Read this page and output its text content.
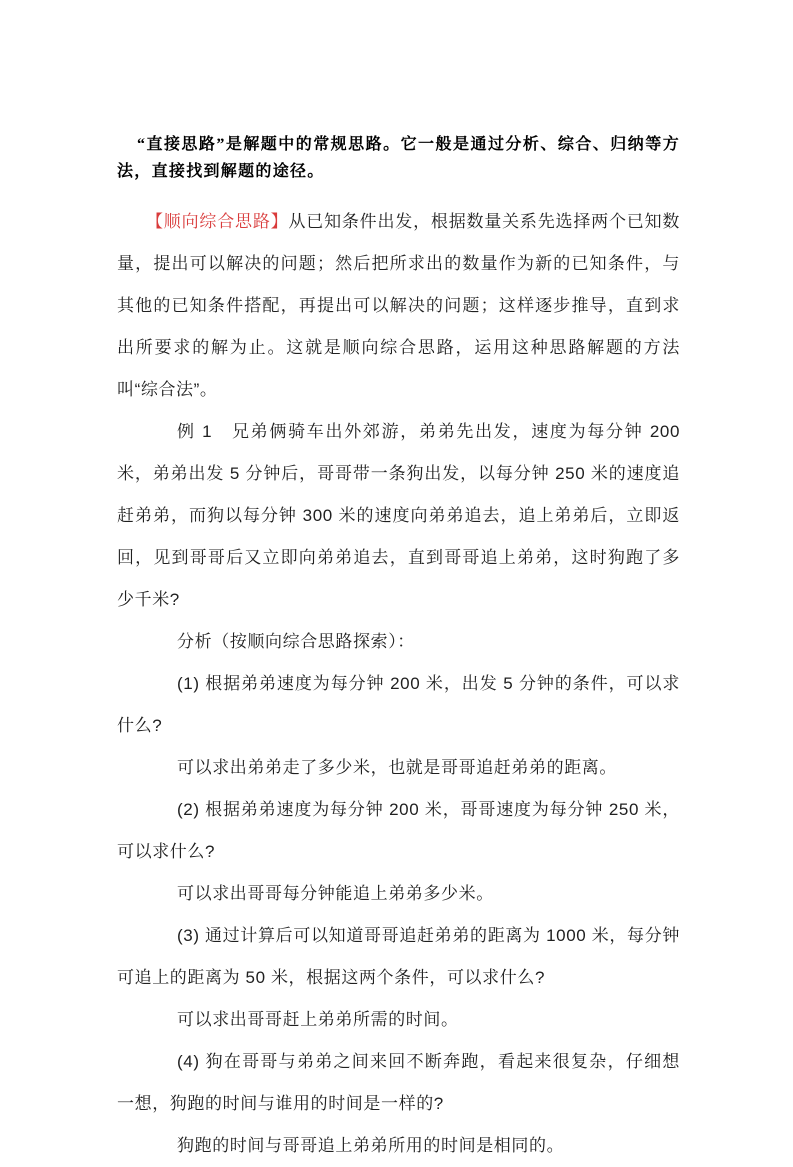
“直接思路”是解题中的常规思路。它一般是通过分析、综合、归纳等方法，直接找到解题的途径。

【顺向综合思路】从已知条件出发，根据数量关系先选择两个已知数量，提出可以解决的问题；然后把所求出的数量作为新的已知条件，与其他的已知条件搭配，再提出可以解决的问题；这样逐步推导，直到求出所要求的解为止。这就是顺向综合思路，运用这种思路解题的方法叫“综合法”。

例 1　兄弟俩骑车出外郊游，弟弟先出发，速度为每分钟 200 米，弟弟出发 5 分钟后，哥哥带一条狗出发，以每分钟 250 米的速度追赶弟弟，而狗以每分钟 300 米的速度向弟弟追去，追上弟弟后，立即返回，见到哥哥后又立即向弟弟追去，直到哥哥追上弟弟，这时狗跑了多少千米?

分析（按顺向综合思路探索）：

(1) 根据弟弟速度为每分钟 200 米，出发 5 分钟的条件，可以求什么?

可以求出弟弟走了多少米，也就是哥哥追赶弟弟的距离。

(2) 根据弟弟速度为每分钟 200 米，哥哥速度为每分钟 250 米，可以求什么?

可以求出哥哥每分钟能追上弟弟多少米。

(3) 通过计算后可以知道哥哥追赶弟弟的距离为 1000 米，每分钟可追上的距离为 50 米，根据这两个条件，可以求什么?

可以求出哥哥赶上弟弟所需的时间。

(4) 狗在哥哥与弟弟之间来回不断奔跑，看起来很复杂，仔细想一想，狗跑的时间与谁用的时间是一样的?

狗跑的时间与哥哥追上弟弟所用的时间是相同的。
